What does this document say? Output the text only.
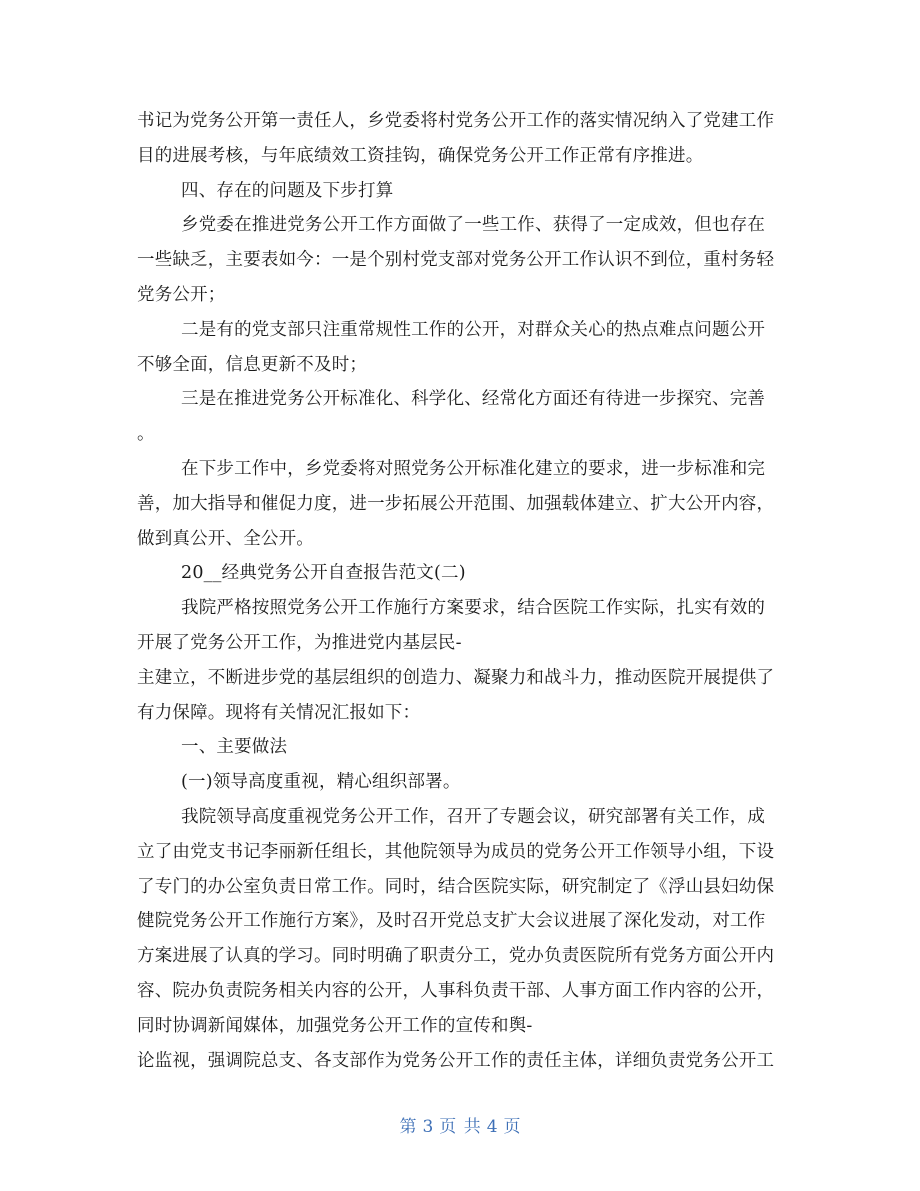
书记为党务公开第一责任人，乡党委将村党务公开工作的落实情况纳入了党建工作
目的进展考核，与年底绩效工资挂钩，确保党务公开工作正常有序推进。
四、存在的问题及下步打算
乡党委在推进党务公开工作方面做了一些工作、获得了一定成效，但也存在
一些缺乏，主要表如今：一是个别村党支部对党务公开工作认识不到位，重村务轻
党务公开；
二是有的党支部只注重常规性工作的公开，对群众关心的热点难点问题公开
不够全面，信息更新不及时；
三是在推进党务公开标准化、科学化、经常化方面还有待进一步探究、完善
。
在下步工作中，乡党委将对照党务公开标准化建立的要求，进一步标准和完
善，加大指导和催促力度，进一步拓展公开范围、加强载体建立、扩大公开内容，
做到真公开、全公开。
20__经典党务公开自查报告范文(二)
我院严格按照党务公开工作施行方案要求，结合医院工作实际，扎实有效的
开展了党务公开工作，为推进党内基层民-
主建立，不断进步党的基层组织的创造力、凝聚力和战斗力，推动医院开展提供了
有力保障。现将有关情况汇报如下：
一、主要做法
(一)领导高度重视，精心组织部署。
我院领导高度重视党务公开工作，召开了专题会议，研究部署有关工作，成
立了由党支书记李丽新任组长，其他院领导为成员的党务公开工作领导小组，下设
了专门的办公室负责日常工作。同时，结合医院实际，研究制定了《浮山县妇幼保
健院党务公开工作施行方案》，及时召开党总支扩大会议进展了深化发动，对工作
方案进展了认真的学习。同时明确了职责分工，党办负责医院所有党务方面公开内
容、院办负责院务相关内容的公开，人事科负责干部、人事方面工作内容的公开，
同时协调新闻媒体，加强党务公开工作的宣传和舆-
论监视，强调院总支、各支部作为党务公开工作的责任主体，详细负责党务公开工
第 3 页 共 4 页
